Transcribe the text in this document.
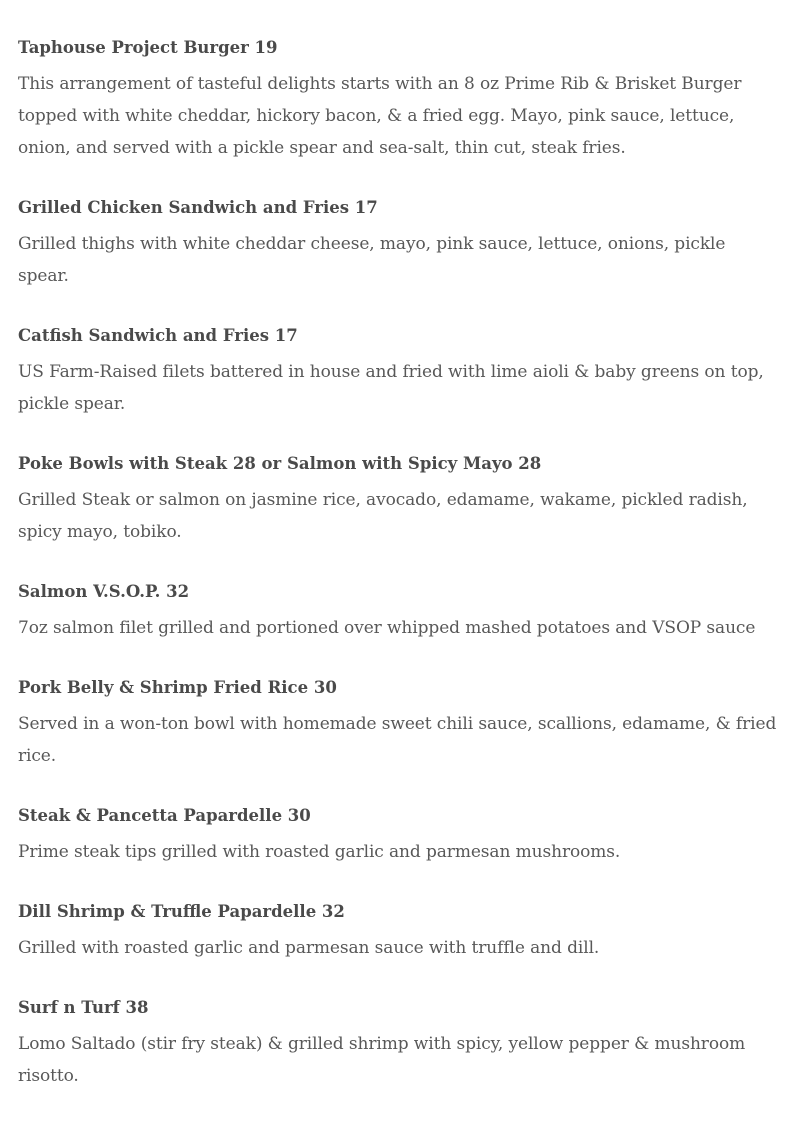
Taphouse Project Burger 19
This arrangement of tasteful delights starts with an 8 oz Prime Rib & Brisket Burger
topped with white cheddar, hickory bacon, & a fried egg. Mayo, pink sauce, lettuce,
onion, and served with a pickle spear and sea-salt, thin cut, steak fries.
Grilled Chicken Sandwich and Fries 17
Grilled thighs with white cheddar cheese, mayo, pink sauce, lettuce, onions, pickle
spear.
Catfish Sandwich and Fries 17
US Farm-Raised filets battered in house and fried with lime aioli & baby greens on top,
pickle spear.
Poke Bowls with Steak 28 or Salmon with Spicy Mayo 28
Grilled Steak or salmon on jasmine rice, avocado, edamame, wakame, pickled radish,
spicy mayo, tobiko.
Salmon V.S.O.P. 32
7oz salmon filet grilled and portioned over whipped mashed potatoes and VSOP sauce
Pork Belly & Shrimp Fried Rice 30
Served in a won-ton bowl with homemade sweet chili sauce, scallions, edamame, & fried
rice.
Steak & Pancetta Papardelle 30
Prime steak tips grilled with roasted garlic and parmesan mushrooms.
Dill Shrimp & Truffle Papardelle 32
Grilled with roasted garlic and parmesan sauce with truffle and dill.
Surf n Turf 38
Lomo Saltado (stir fry steak) & grilled shrimp with spicy, yellow pepper & mushroom
risotto.
